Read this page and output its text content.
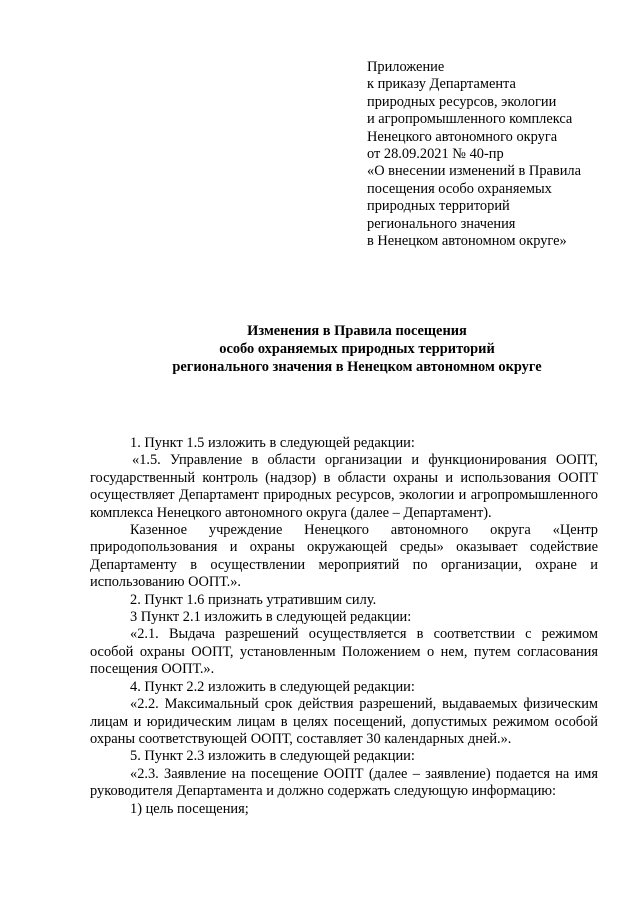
Приложение
к приказу Департамента
природных ресурсов, экологии
и агропромышленного комплекса
Ненецкого автономного округа
от 28.09.2021 № 40-пр
«О внесении изменений в Правила
посещения особо охраняемых
природных территорий
регионального значения
в Ненецком автономном округе»
Изменения в Правила посещения
особо охраняемых природных территорий
регионального значения в Ненецком автономном округе

1. Пункт 1.5 изложить в следующей редакции:

«1.5. Управление в области организации и функционирования ООПТ, государственный контроль (надзор) в области охраны и использования ООПТ осуществляет Департамент природных ресурсов, экологии и агропромышленного комплекса Ненецкого автономного округа (далее – Департамент).

Казенное учреждение Ненецкого автономного округа «Центр природопользования и охраны окружающей среды» оказывает содействие Департаменту в осуществлении мероприятий по организации, охране и использованию ООПТ.».

2. Пункт 1.6 признать утратившим силу.

3 Пункт 2.1 изложить в следующей редакции:

«2.1. Выдача разрешений осуществляется в соответствии с режимом особой охраны ООПТ, установленным Положением о нем, путем согласования посещения ООПТ.».

4. Пункт 2.2 изложить в следующей редакции:

«2.2. Максимальный срок действия разрешений, выдаваемых физическим лицам и юридическим лицам в целях посещений, допустимых режимом особой охраны соответствующей ООПТ, составляет 30 календарных дней.».

5. Пункт 2.3 изложить в следующей редакции:

«2.3. Заявление на посещение ООПТ (далее – заявление) подается на имя руководителя Департамента и должно содержать следующую информацию:

1) цель посещения;
